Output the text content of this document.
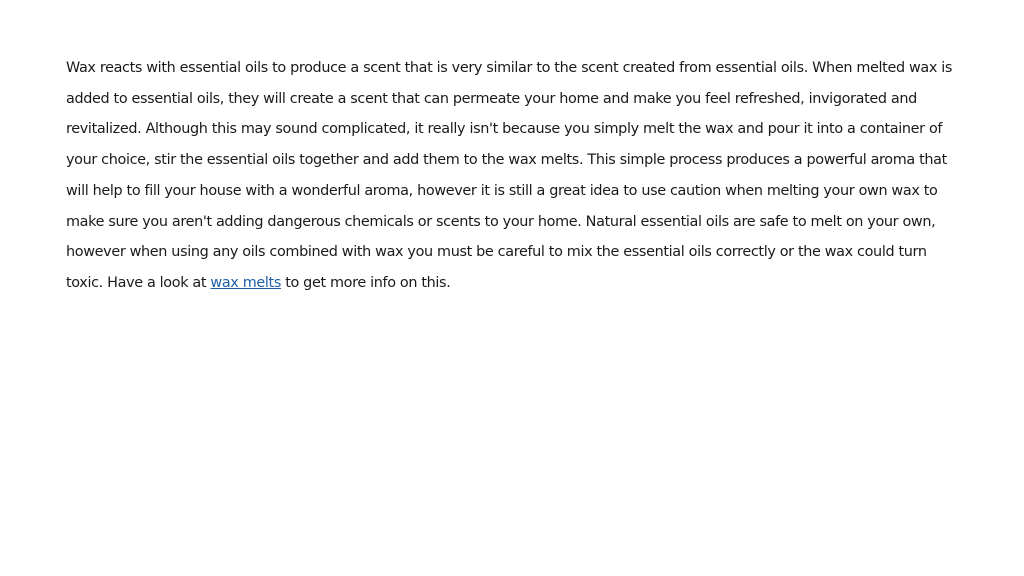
Wax reacts with essential oils to produce a scent that is very similar to the scent created from essential oils. When melted wax is added to essential oils, they will create a scent that can permeate your home and make you feel refreshed, invigorated and revitalized. Although this may sound complicated, it really isn't because you simply melt the wax and pour it into a container of your choice, stir the essential oils together and add them to the wax melts. This simple process produces a powerful aroma that will help to fill your house with a wonderful aroma, however it is still a great idea to use caution when melting your own wax to make sure you aren't adding dangerous chemicals or scents to your home. Natural essential oils are safe to melt on your own, however when using any oils combined with wax you must be careful to mix the essential oils correctly or the wax could turn toxic. Have a look at wax melts to get more info on this.
